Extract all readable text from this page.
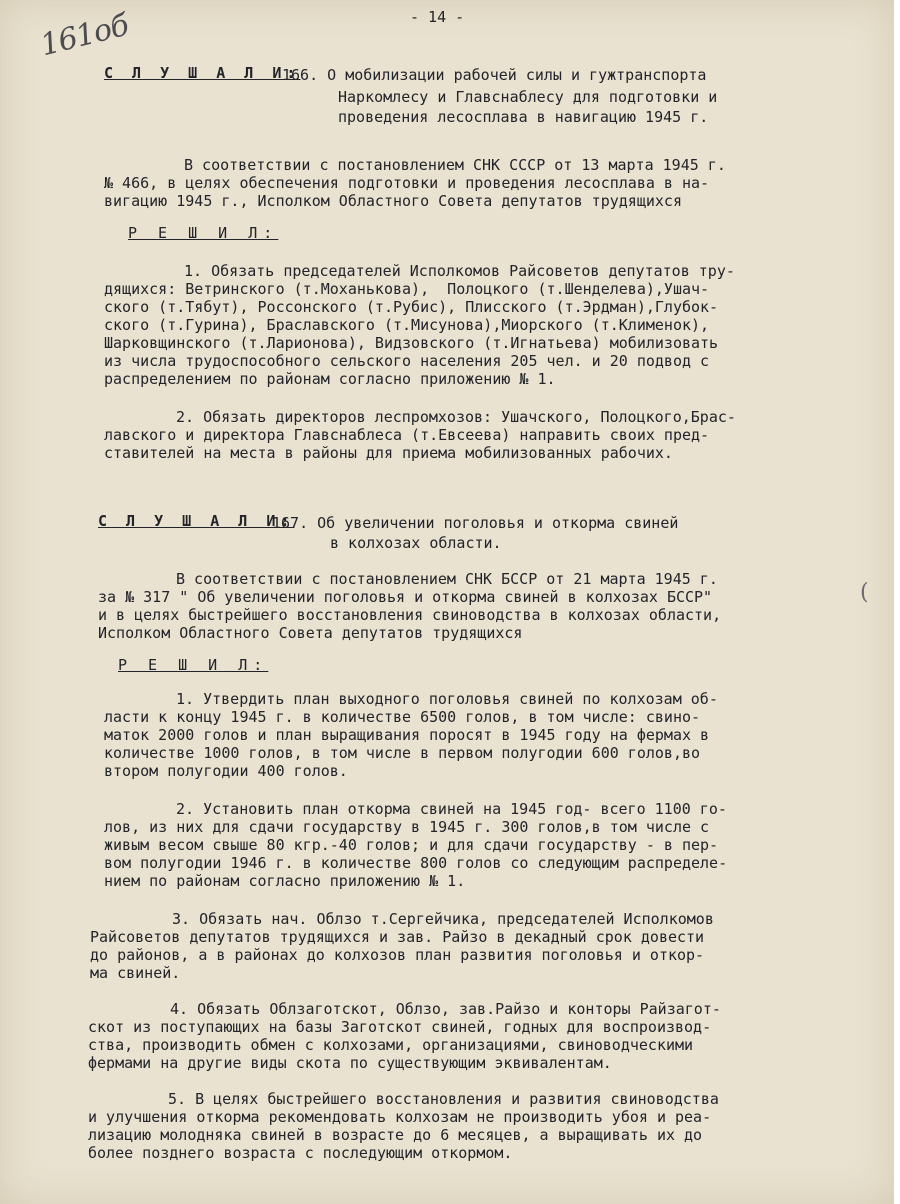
161об	- 14 -
С Л У Ш А Л И:
166. О мобилизации рабочей силы и гужтранспорта
Наркомлесу и Главснаблесу для подготовки и
проведения лесосплава в навигацию 1945 г.
В соответствии с постановлением СНК СССР от 13 марта 1945 г.
№ 466, в целях обеспечения подготовки и проведения лесосплава в на-
вигацию 1945 г., Исполком Областного Совета депутатов трудящихся
Р Е Ш И Л:
1. Обязать председателей Исполкомов Райсоветов депутатов тру-
дящихся: Ветринского (т.Моханькова),  Полоцкого (т.Шенделева),Ушач-
ского (т.Тябут), Россонского (т.Рубис), Плисского (т.Эрдман),Глубок-
ского (т.Гурина), Браславского (т.Мисунова),Миорского (т.Клименок),
Шарковщинского (т.Ларионова), Видзовского (т.Игнатьева) мобилизовать
из числа трудоспособного сельского населения 205 чел. и 20 подвод с
распределением по районам согласно приложению № 1.
2. Обязать директоров леспромхозов: Ушачского, Полоцкого,Брас-
лавского и директора Главснаблеса (т.Евсеева) направить своих пред-
ставителей на места в районы для приема мобилизованных рабочих.
С Л У Ш А Л И:
167. Об увеличении поголовья и откорма свиней
в колхозах области.
В соответствии с постановлением СНК БССР от 21 марта 1945 г.
за № 317 " Об увеличении поголовья и откорма свиней в колхозах БССР"
и в целях быстрейшего восстановления свиноводства в колхозах области,
Исполком Областного Совета депутатов трудящихся
Р Е Ш И Л:
1. Утвердить план выходного поголовья свиней по колхозам об-
ласти к концу 1945 г. в количестве 6500 голов, в том числе: свино-
маток 2000 голов и план выращивания поросят в 1945 году на фермах в
количестве 1000 голов, в том числе в первом полугодии 600 голов,во
втором полугодии 400 голов.
2. Установить план откорма свиней на 1945 год- всего 1100 го-
лов, из них для сдачи государству в 1945 г. 300 голов,в том числе с
живым весом свыше 80 кгр.-40 голов; и для сдачи государству - в пер-
вом полугодии 1946 г. в количестве 800 голов со следующим распределе-
нием по районам согласно приложению № 1.
3. Обязать нач. Облзо т.Сергейчика, председателей Исполкомов
Райсоветов депутатов трудящихся и зав. Райзо в декадный срок довести
до районов, а в районах до колхозов план развития поголовья и откор-
ма свиней.
4. Обязать Облзаготскот, Облзо, зав.Райзо и конторы Райзагот-
скот из поступающих на базы Заготскот свиней, годных для воспроизвод-
ства, производить обмен с колхозами, организациями, свиноводческими
фермами на другие виды скота по существующим эквивалентам.
5. В целях быстрейшего восстановления и развития свиноводства
и улучшения откорма рекомендовать колхозам не производить убоя и реа-
лизацию молодняка свиней в возрасте до 6 месяцев, а выращивать их до
более позднего возраста с последующим откормом.
(
